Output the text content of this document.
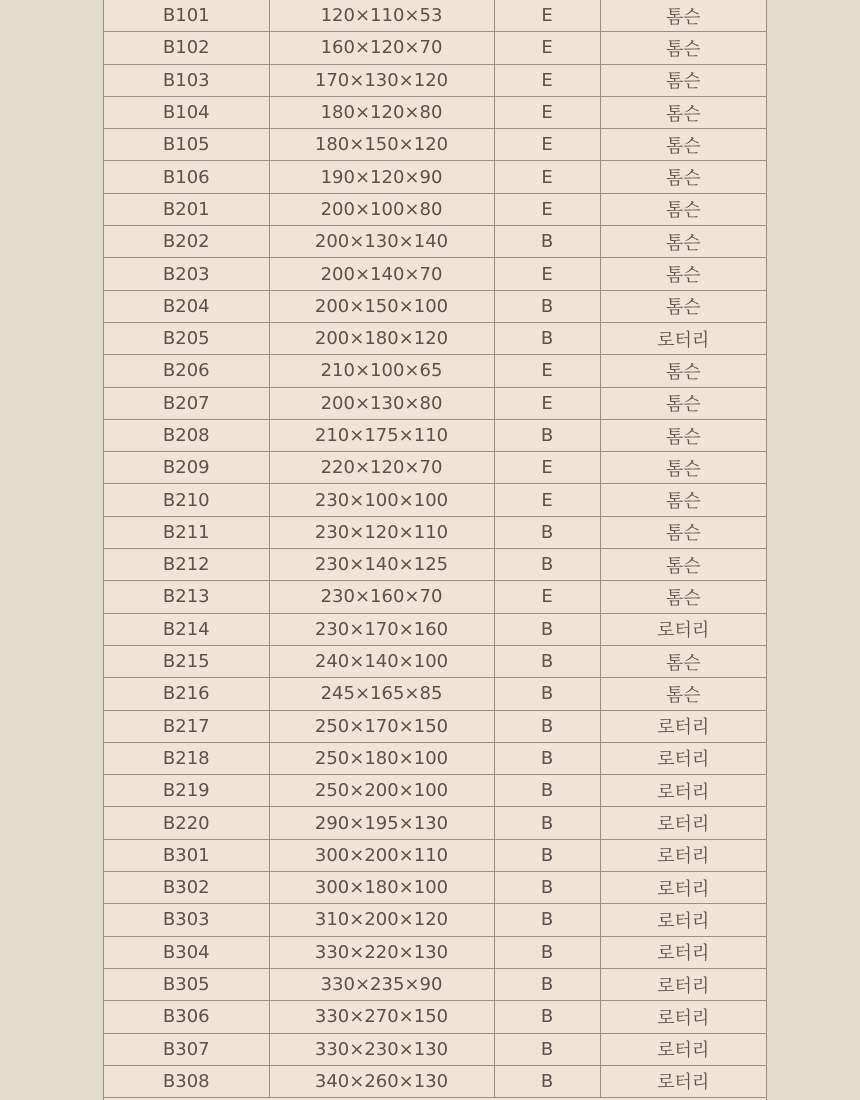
B101	120×110×53	E	톰슨
B102	160×120×70	E	톰슨
B103	170×130×120	E	톰슨
B104	180×120×80	E	톰슨
B105	180×150×120	E	톰슨
B106	190×120×90	E	톰슨
B201	200×100×80	E	톰슨
B202	200×130×140	B	톰슨
B203	200×140×70	E	톰슨
B204	200×150×100	B	톰슨
B205	200×180×120	B	로터리
B206	210×100×65	E	톰슨
B207	200×130×80	E	톰슨
B208	210×175×110	B	톰슨
B209	220×120×70	E	톰슨
B210	230×100×100	E	톰슨
B211	230×120×110	B	톰슨
B212	230×140×125	B	톰슨
B213	230×160×70	E	톰슨
B214	230×170×160	B	로터리
B215	240×140×100	B	톰슨
B216	245×165×85	B	톰슨
B217	250×170×150	B	로터리
B218	250×180×100	B	로터리
B219	250×200×100	B	로터리
B220	290×195×130	B	로터리
B301	300×200×110	B	로터리
B302	300×180×100	B	로터리
B303	310×200×120	B	로터리
B304	330×220×130	B	로터리
B305	330×235×90	B	로터리
B306	330×270×150	B	로터리
B307	330×230×130	B	로터리
B308	340×260×130	B	로터리
